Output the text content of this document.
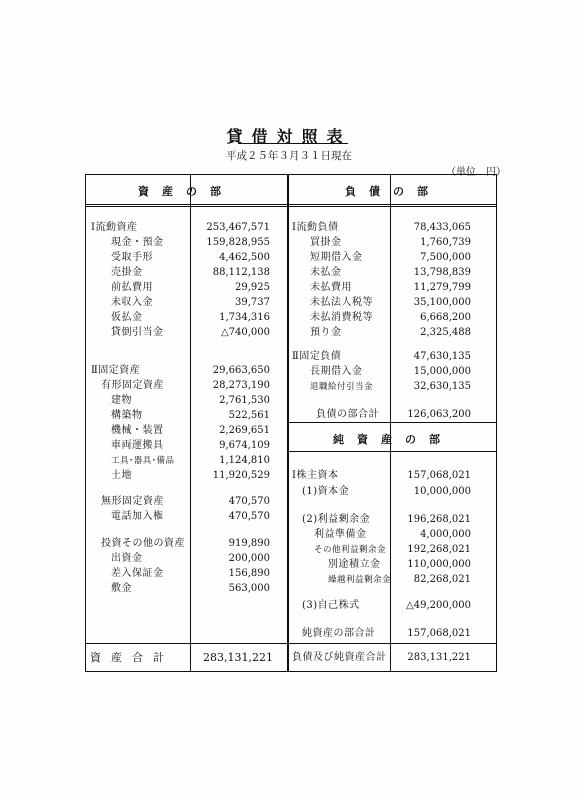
貸借対照表
平成２５年３月３１日現在
（単位　円）
資産の部	負債の部
純資産の部
Ⅰ流動資産	253,467,571
現金・預金	159,828,955
受取手形	4,462,500
売掛金	88,112,138
前払費用	29,925
未収入金	39,737
仮払金	1,734,316
貸倒引当金	△740,000
Ⅱ固定資産	29,663,650
有形固定資産	28,273,190
建物	2,761,530
構築物	522,561
機械・装置	2,269,651
車両運搬具	9,674,109
工具･器具･備品	1,124,810
土地	11,920,529
無形固定資産	470,570
電話加入権	470,570
投資その他の資産	919,890
出資金	200,000
差入保証金	156,890
敷金	563,000
資産合計	283,131,221
Ⅰ流動負債	78,433,065
買掛金	1,760,739
短期借入金	7,500,000
未払金	13,798,839
未払費用	11,279,799
未払法人税等	35,100,000
未払消費税等	6,668,200
預り金	2,325,488
Ⅱ固定負債	47,630,135
長期借入金	15,000,000
退職給付引当金	32,630,135
負債の部合計	126,063,200
Ⅰ株主資本	157,068,021
(1)資本金	10,000,000
(2)利益剰余金	196,268,021
利益準備金	4,000,000
その他利益剰余金 192,268,021
別途積立金	110,000,000
繰越利益剰余金 82,268,021
(3)自己株式	△49,200,000
純資産の部合計	157,068,021
負債及び純資産合計 283,131,221
